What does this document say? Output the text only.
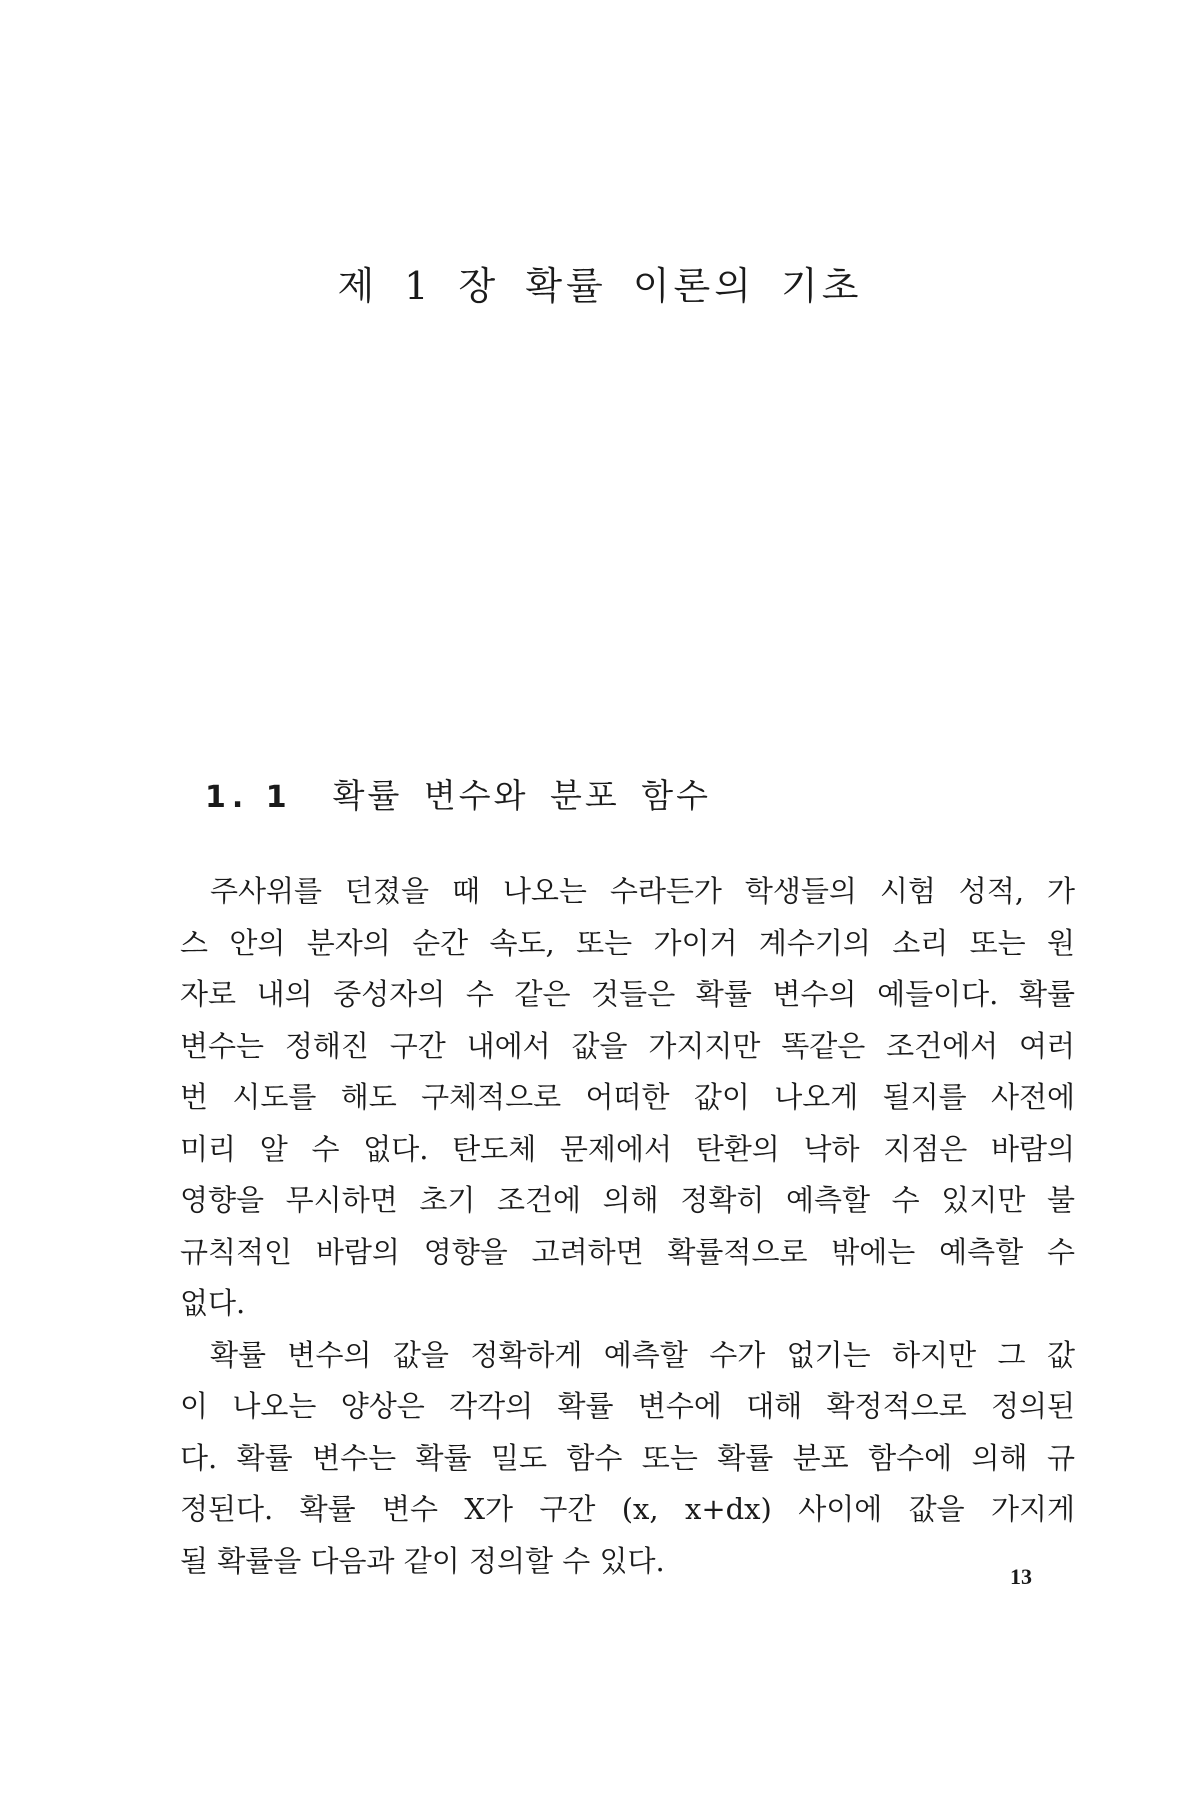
제 1 장 확률 이론의 기초
1. 1 확률 변수와 분포 함수
주사위를 던졌을 때 나오는 수라든가 학생들의 시험 성적, 가
스 안의 분자의 순간 속도, 또는 가이거 계수기의 소리 또는 원
자로 내의 중성자의 수 같은 것들은 확률 변수의 예들이다. 확률
변수는 정해진 구간 내에서 값을 가지지만 똑같은 조건에서 여러
번 시도를 해도 구체적으로 어떠한 값이 나오게 될지를 사전에
미리 알 수 없다. 탄도체 문제에서 탄환의 낙하 지점은 바람의
영향을 무시하면 초기 조건에 의해 정확히 예측할 수 있지만 불
규칙적인 바람의 영향을 고려하면 확률적으로 밖에는 예측할 수
없다.
확률 변수의 값을 정확하게 예측할 수가 없기는 하지만 그 값
이 나오는 양상은 각각의 확률 변수에 대해 확정적으로 정의된
다. 확률 변수는 확률 밀도 함수 또는 확률 분포 함수에 의해 규
정된다. 확률 변수 X가 구간 (x, x+dx) 사이에 값을 가지게
될 확률을 다음과 같이 정의할 수 있다.	13
